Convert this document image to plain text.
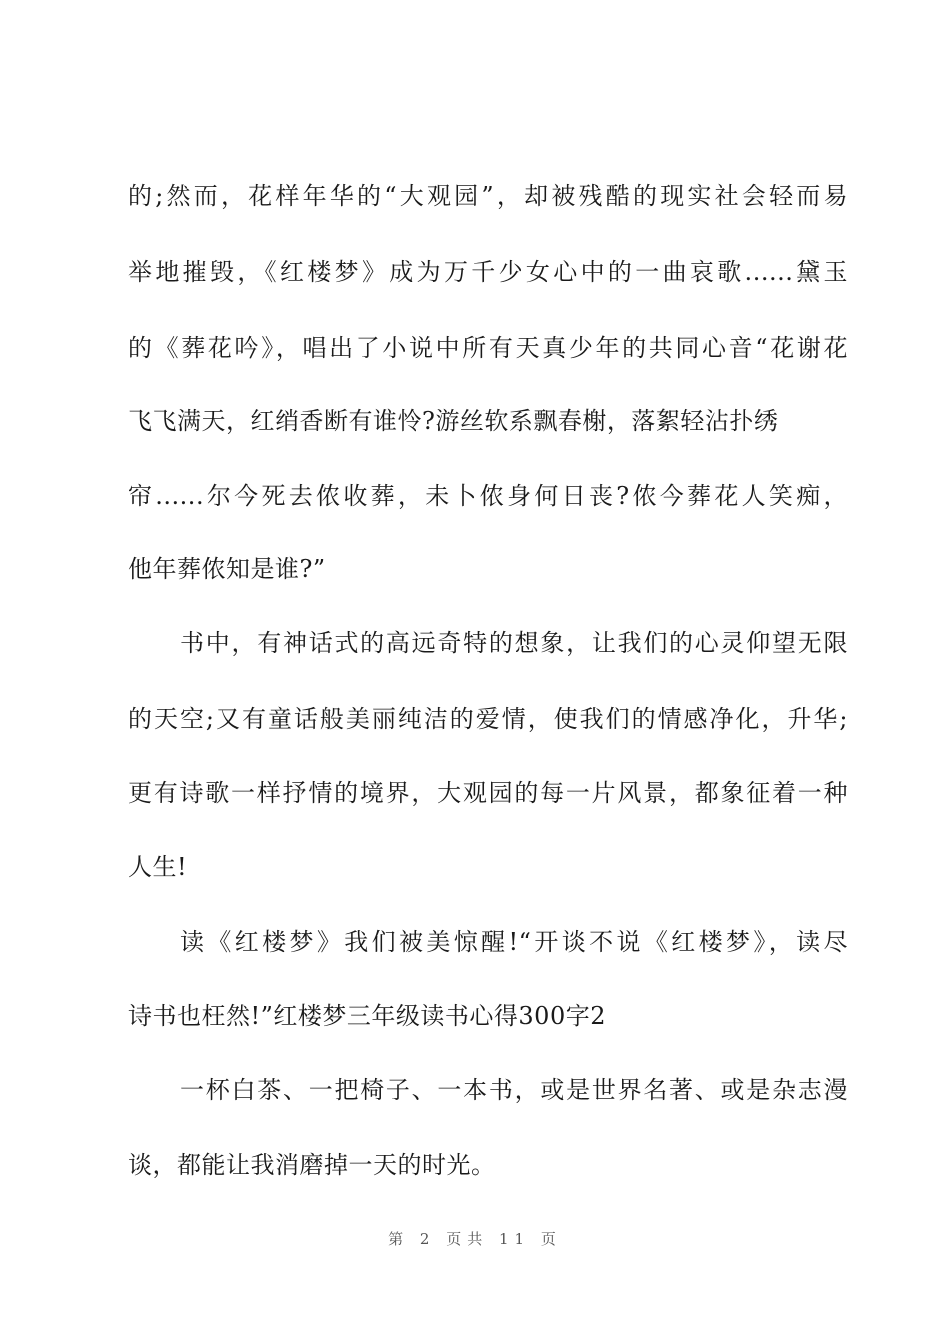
的;然而，花样年华的“大观园”，却被残酷的现实社会轻而易
举地摧毁，《红楼梦》成为万千少女心中的一曲哀歌......黛玉
的《葬花吟》，唱出了小说中所有天真少年的共同心音“花谢花
飞飞满天，红绡香断有谁怜?游丝软系飘春榭，落絮轻沾扑绣
帘......尔今死去侬收葬，未卜侬身何日丧?侬今葬花人笑痴，
他年葬侬知是谁?”
书中，有神话式的高远奇特的想象，让我们的心灵仰望无限
的天空;又有童话般美丽纯洁的爱情，使我们的情感净化，升华;
更有诗歌一样抒情的境界，大观园的每一片风景，都象征着一种
人生!
读《红楼梦》我们被美惊醒!“开谈不说《红楼梦》，读尽
诗书也枉然!”红楼梦三年级读书心得300字2
一杯白茶、一把椅子、一本书，或是世界名著、或是杂志漫
谈，都能让我消磨掉一天的时光。
第 2 页共 11 页
